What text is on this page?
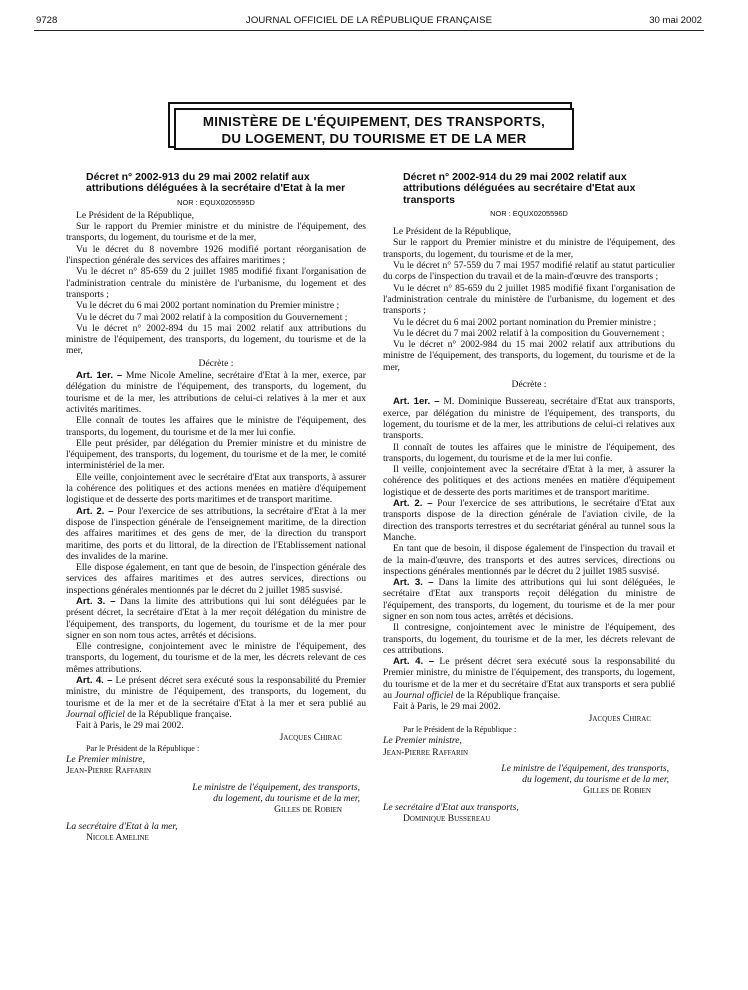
9728	JOURNAL OFFICIEL DE LA RÉPUBLIQUE FRANÇAISE	30 mai 2002
MINISTÈRE DE L'ÉQUIPEMENT, DES TRANSPORTS,
DU LOGEMENT, DU TOURISME ET DE LA MER

Décret n° 2002-913 du 29 mai 2002 relatif aux attributions déléguées à la secrétaire d'Etat à la mer

NOR : EQUX0205595D

Le Président de la République,

Sur le rapport du Premier ministre et du ministre de l'équipement, des transports, du logement, du tourisme et de la mer,

Vu le décret du 8 novembre 1926 modifié portant réorganisation de l'inspection générale des services des affaires maritimes ;

Vu le décret n° 85-659 du 2 juillet 1985 modifié fixant l'organisation de l'administration centrale du ministère de l'urbanisme, du logement et des transports ;

Vu le décret du 6 mai 2002 portant nomination du Premier ministre ;

Vu le décret du 7 mai 2002 relatif à la composition du Gouvernement ;

Vu le décret n° 2002-894 du 15 mai 2002 relatif aux attributions du ministre de l'équipement, des transports, du logement, du tourisme et de la mer,

Décrète :

Art. 1er. – Mme Nicole Ameline, secrétaire d'Etat à la mer, exerce, par délégation du ministre de l'équipement, des transports, du logement, du tourisme et de la mer, les attributions de celui-ci relatives à la mer et aux activités maritimes.

Elle connaît de toutes les affaires que le ministre de l'équipement, des transports, du logement, du tourisme et de la mer lui confie.

Elle peut présider, par délégation du Premier ministre et du ministre de l'équipement, des transports, du logement, du tourisme et de la mer, le comité interministériel de la mer.

Elle veille, conjointement avec le secrétaire d'Etat aux transports, à assurer la cohérence des politiques et des actions menées en matière d'équipement logistique et de desserte des ports maritimes et de transport maritime.

Art. 2. – Pour l'exercice de ses attributions, la secrétaire d'Etat à la mer dispose de l'inspection générale de l'enseignement maritime, de la direction des affaires maritimes et des gens de mer, de la direction du transport maritime, des ports et du littoral, de la direction de l'Etablissement national des invalides de la marine.

Elle dispose également, en tant que de besoin, de l'inspection générale des services des affaires maritimes et des autres services, directions ou inspections générales mentionnés par le décret du 2 juillet 1985 susvisé.

Art. 3. – Dans la limite des attributions qui lui sont déléguées par le présent décret, la secrétaire d'Etat à la mer reçoit délégation du ministre de l'équipement, des transports, du logement, du tourisme et de la mer pour signer en son nom tous actes, arrêtés et décisions.

Elle contresigne, conjointement avec le ministre de l'équipement, des transports, du logement, du tourisme et de la mer, les décrets relevant de ces mêmes attributions.

Art. 4. – Le présent décret sera exécuté sous la responsabilité du Premier ministre, du ministre de l'équipement, des transports, du logement, du tourisme et de la mer et de la secrétaire d'Etat à la mer et sera publié au Journal officiel de la République française.

Fait à Paris, le 29 mai 2002.

Jacques Chirac

Par le Président de la République :

Le Premier ministre,

Jean-Pierre Raffarin

Le ministre de l'équipement, des transports,

du logement, du tourisme et de la mer,

Gilles de Robien

La secrétaire d'Etat à la mer,

Nicole Ameline

Décret n° 2002-914 du 29 mai 2002 relatif aux attributions déléguées au secrétaire d'Etat aux transports

NOR : EQUX0205596D

Le Président de la République,

Sur le rapport du Premier ministre et du ministre de l'équipement, des transports, du logement, du tourisme et de la mer,

Vu le décret n° 57-559 du 7 mai 1957 modifié relatif au statut particulier du corps de l'inspection du travail et de la main-d'œuvre des transports ;

Vu le décret n° 85-659 du 2 juillet 1985 modifié fixant l'organisation de l'administration centrale du ministère de l'urbanisme, du logement et des transports ;

Vu le décret du 6 mai 2002 portant nomination du Premier ministre ;

Vu le décret du 7 mai 2002 relatif à la composition du Gouvernement ;

Vu le décret n° 2002-984 du 15 mai 2002 relatif aux attributions du ministre de l'équipement, des transports, du logement, du tourisme et de la mer,

Décrète :

Art. 1er. – M. Dominique Bussereau, secrétaire d'Etat aux transports, exerce, par délégation du ministre de l'équipement, des transports, du logement, du tourisme et de la mer, les attributions de celui-ci relatives aux transports.

Il connaît de toutes les affaires que le ministre de l'équipement, des transports, du logement, du tourisme et de la mer lui confie.

Il veille, conjointement avec la secrétaire d'Etat à la mer, à assurer la cohérence des politiques et des actions menées en matière d'équipement logistique et de desserte des ports maritimes et de transport maritime.

Art. 2. – Pour l'exercice de ses attributions, le secrétaire d'Etat aux transports dispose de la direction générale de l'aviation civile, de la direction des transports terrestres et du secrétariat général au tunnel sous la Manche.

En tant que de besoin, il dispose également de l'inspection du travail et de la main-d'œuvre, des transports et des autres services, directions ou inspections générales mentionnés par le décret du 2 juillet 1985 susvisé.

Art. 3. – Dans la limite des attributions qui lui sont déléguées, le secrétaire d'Etat aux transports reçoit délégation du ministre de l'équipement, des transports, du logement, du tourisme et de la mer pour signer en son nom tous actes, arrêtés et décisions.

Il contresigne, conjointement avec le ministre de l'équipement, des transports, du logement, du tourisme et de la mer, les décrets relevant de ces attributions.

Art. 4. – Le présent décret sera exécuté sous la responsabilité du Premier ministre, du ministre de l'équipement, des transports, du logement, du tourisme et de la mer et du secrétaire d'Etat aux transports et sera publié au Journal officiel de la République française.

Fait à Paris, le 29 mai 2002.

Jacques Chirac

Par le Président de la République :

Le Premier ministre,

Jean-Pierre Raffarin

Le ministre de l'équipement, des transports,

du logement, du tourisme et de la mer,

Gilles de Robien

Le secrétaire d'Etat aux transports,

Dominique Bussereau
